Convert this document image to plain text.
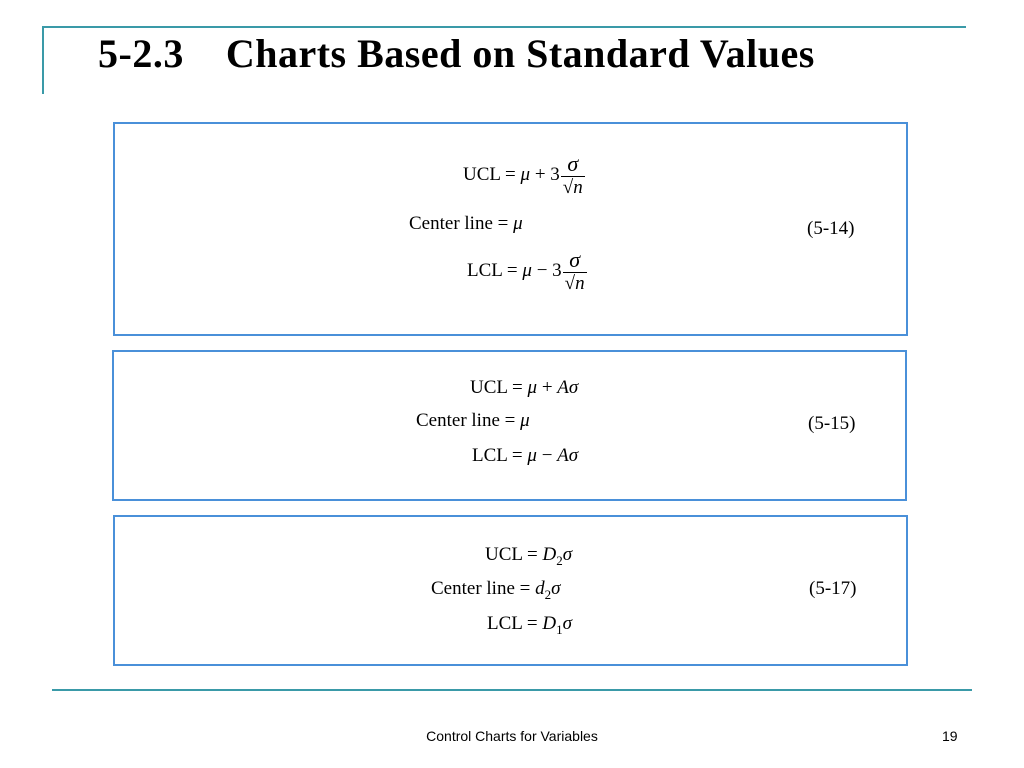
5-2.3    Charts Based on Standard Values
UCL = $\mu + 3 \frac{\sigma}{√n}$
Center line = μ
LCL = $\mu - 3 \frac{\sigma}{√n}$
(5-14)
UCL = μ + Aσ
Center line = μ
LCL = μ − Aσ
(5-15)
UCL = $D_2\sigma$
Center line = $d_2\sigma$
LCL = $D_1\sigma$
(5-17)
Control Charts for Variables	19
